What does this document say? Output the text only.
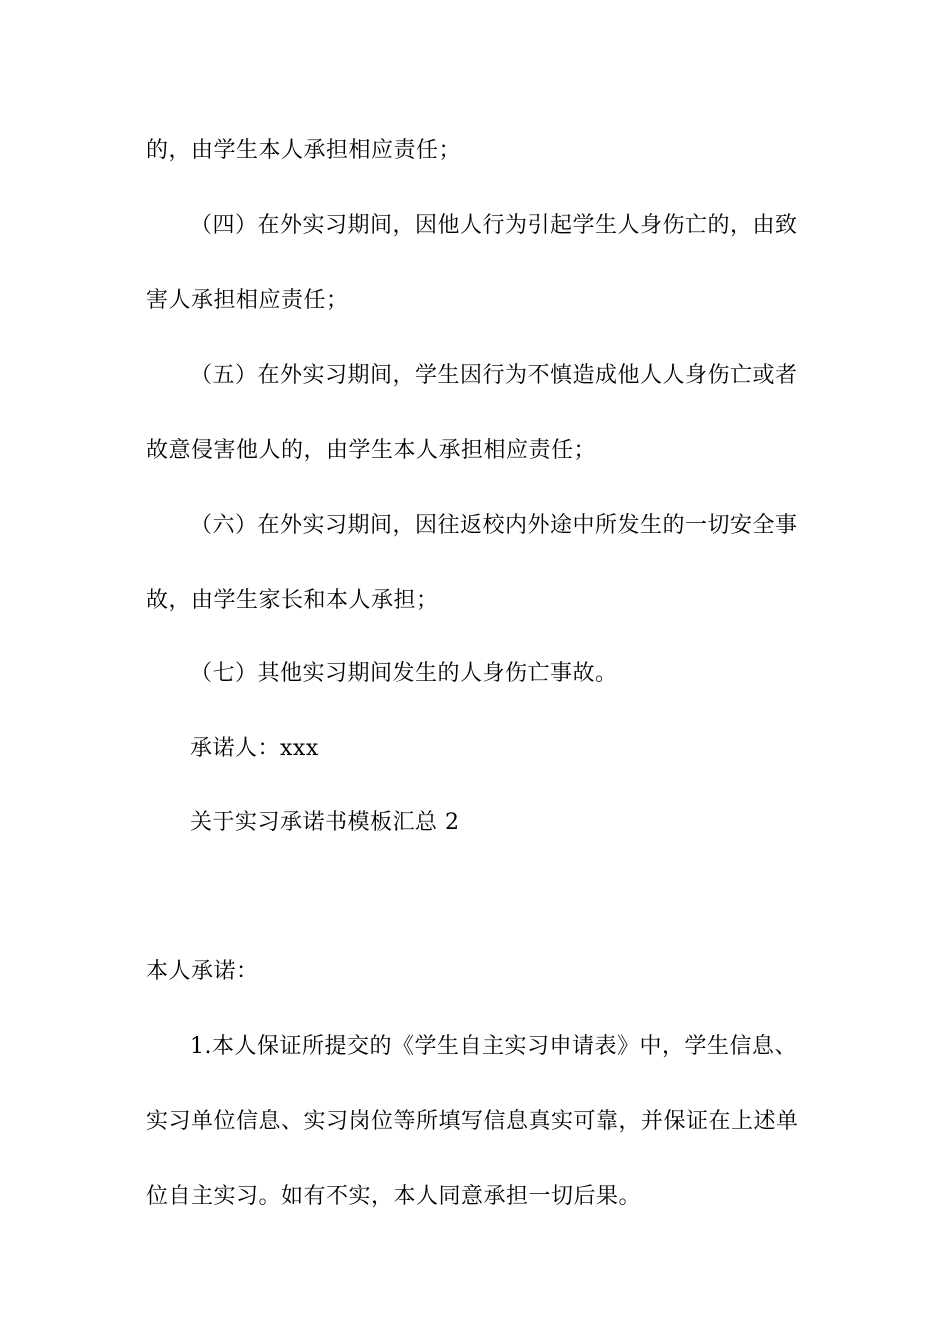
的，由学生本人承担相应责任；
（四）在外实习期间，因他人行为引起学生人身伤亡的，由致
害人承担相应责任；
（五）在外实习期间，学生因行为不慎造成他人人身伤亡或者
故意侵害他人的，由学生本人承担相应责任；
（六）在外实习期间，因往返校内外途中所发生的一切安全事
故，由学生家长和本人承担；
（七）其他实习期间发生的人身伤亡事故。
承诺人：xxx
关于实习承诺书模板汇总 2
本人承诺：
1.本人保证所提交的《学生自主实习申请表》中，学生信息、
实习单位信息、实习岗位等所填写信息真实可靠，并保证在上述单
位自主实习。如有不实，本人同意承担一切后果。
